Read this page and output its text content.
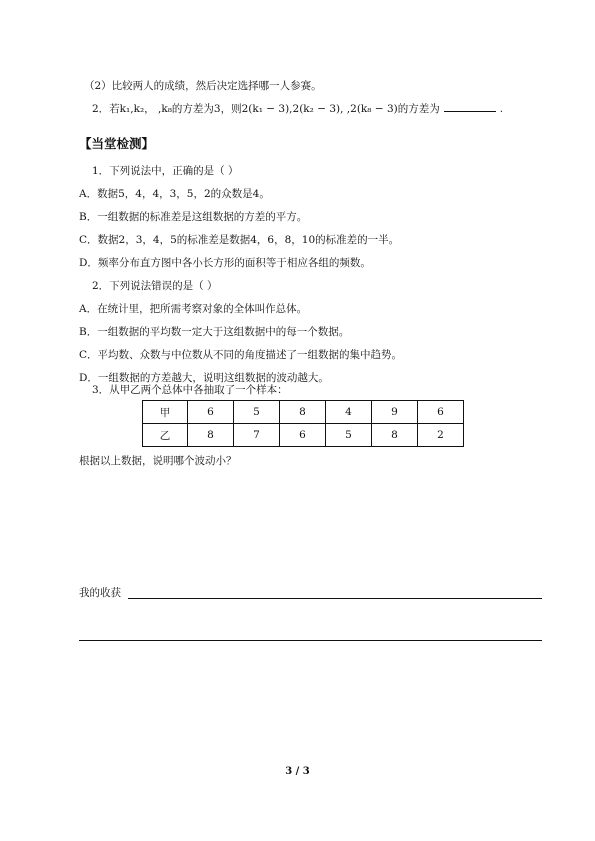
（2）比较两人的成绩，然后决定选择哪一人参赛。
2．若k₁,k₂， ,k₈的方差为3，则2(k₁ − 3),2(k₂ − 3), ,2(k₈ − 3)的方差为	.
【当堂检测】
1．下列说法中，正确的是（ ）
A．数据5，4，4，3，5，2的众数是4。
B．一组数据的标准差是这组数据的方差的平方。
C．数据2，3，4，5的标准差是数据4，6，8，10的标准差的一半。
D．频率分布直方图中各小长方形的面积等于相应各组的频数。
2．下列说法错误的是（ ）
A．在统计里，把所需考察对象的全体叫作总体。
B．一组数据的平均数一定大于这组数据中的每一个数据。
C．平均数、众数与中位数从不同的角度描述了一组数据的集中趋势。
D．一组数据的方差越大，说明这组数据的波动越大。
3．从甲乙两个总体中各抽取了一个样本：
甲	6	5	8	4	9	6
乙	8	7	6	5	8	2
根据以上数据，说明哪个波动小？
我的收获
3 / 3
